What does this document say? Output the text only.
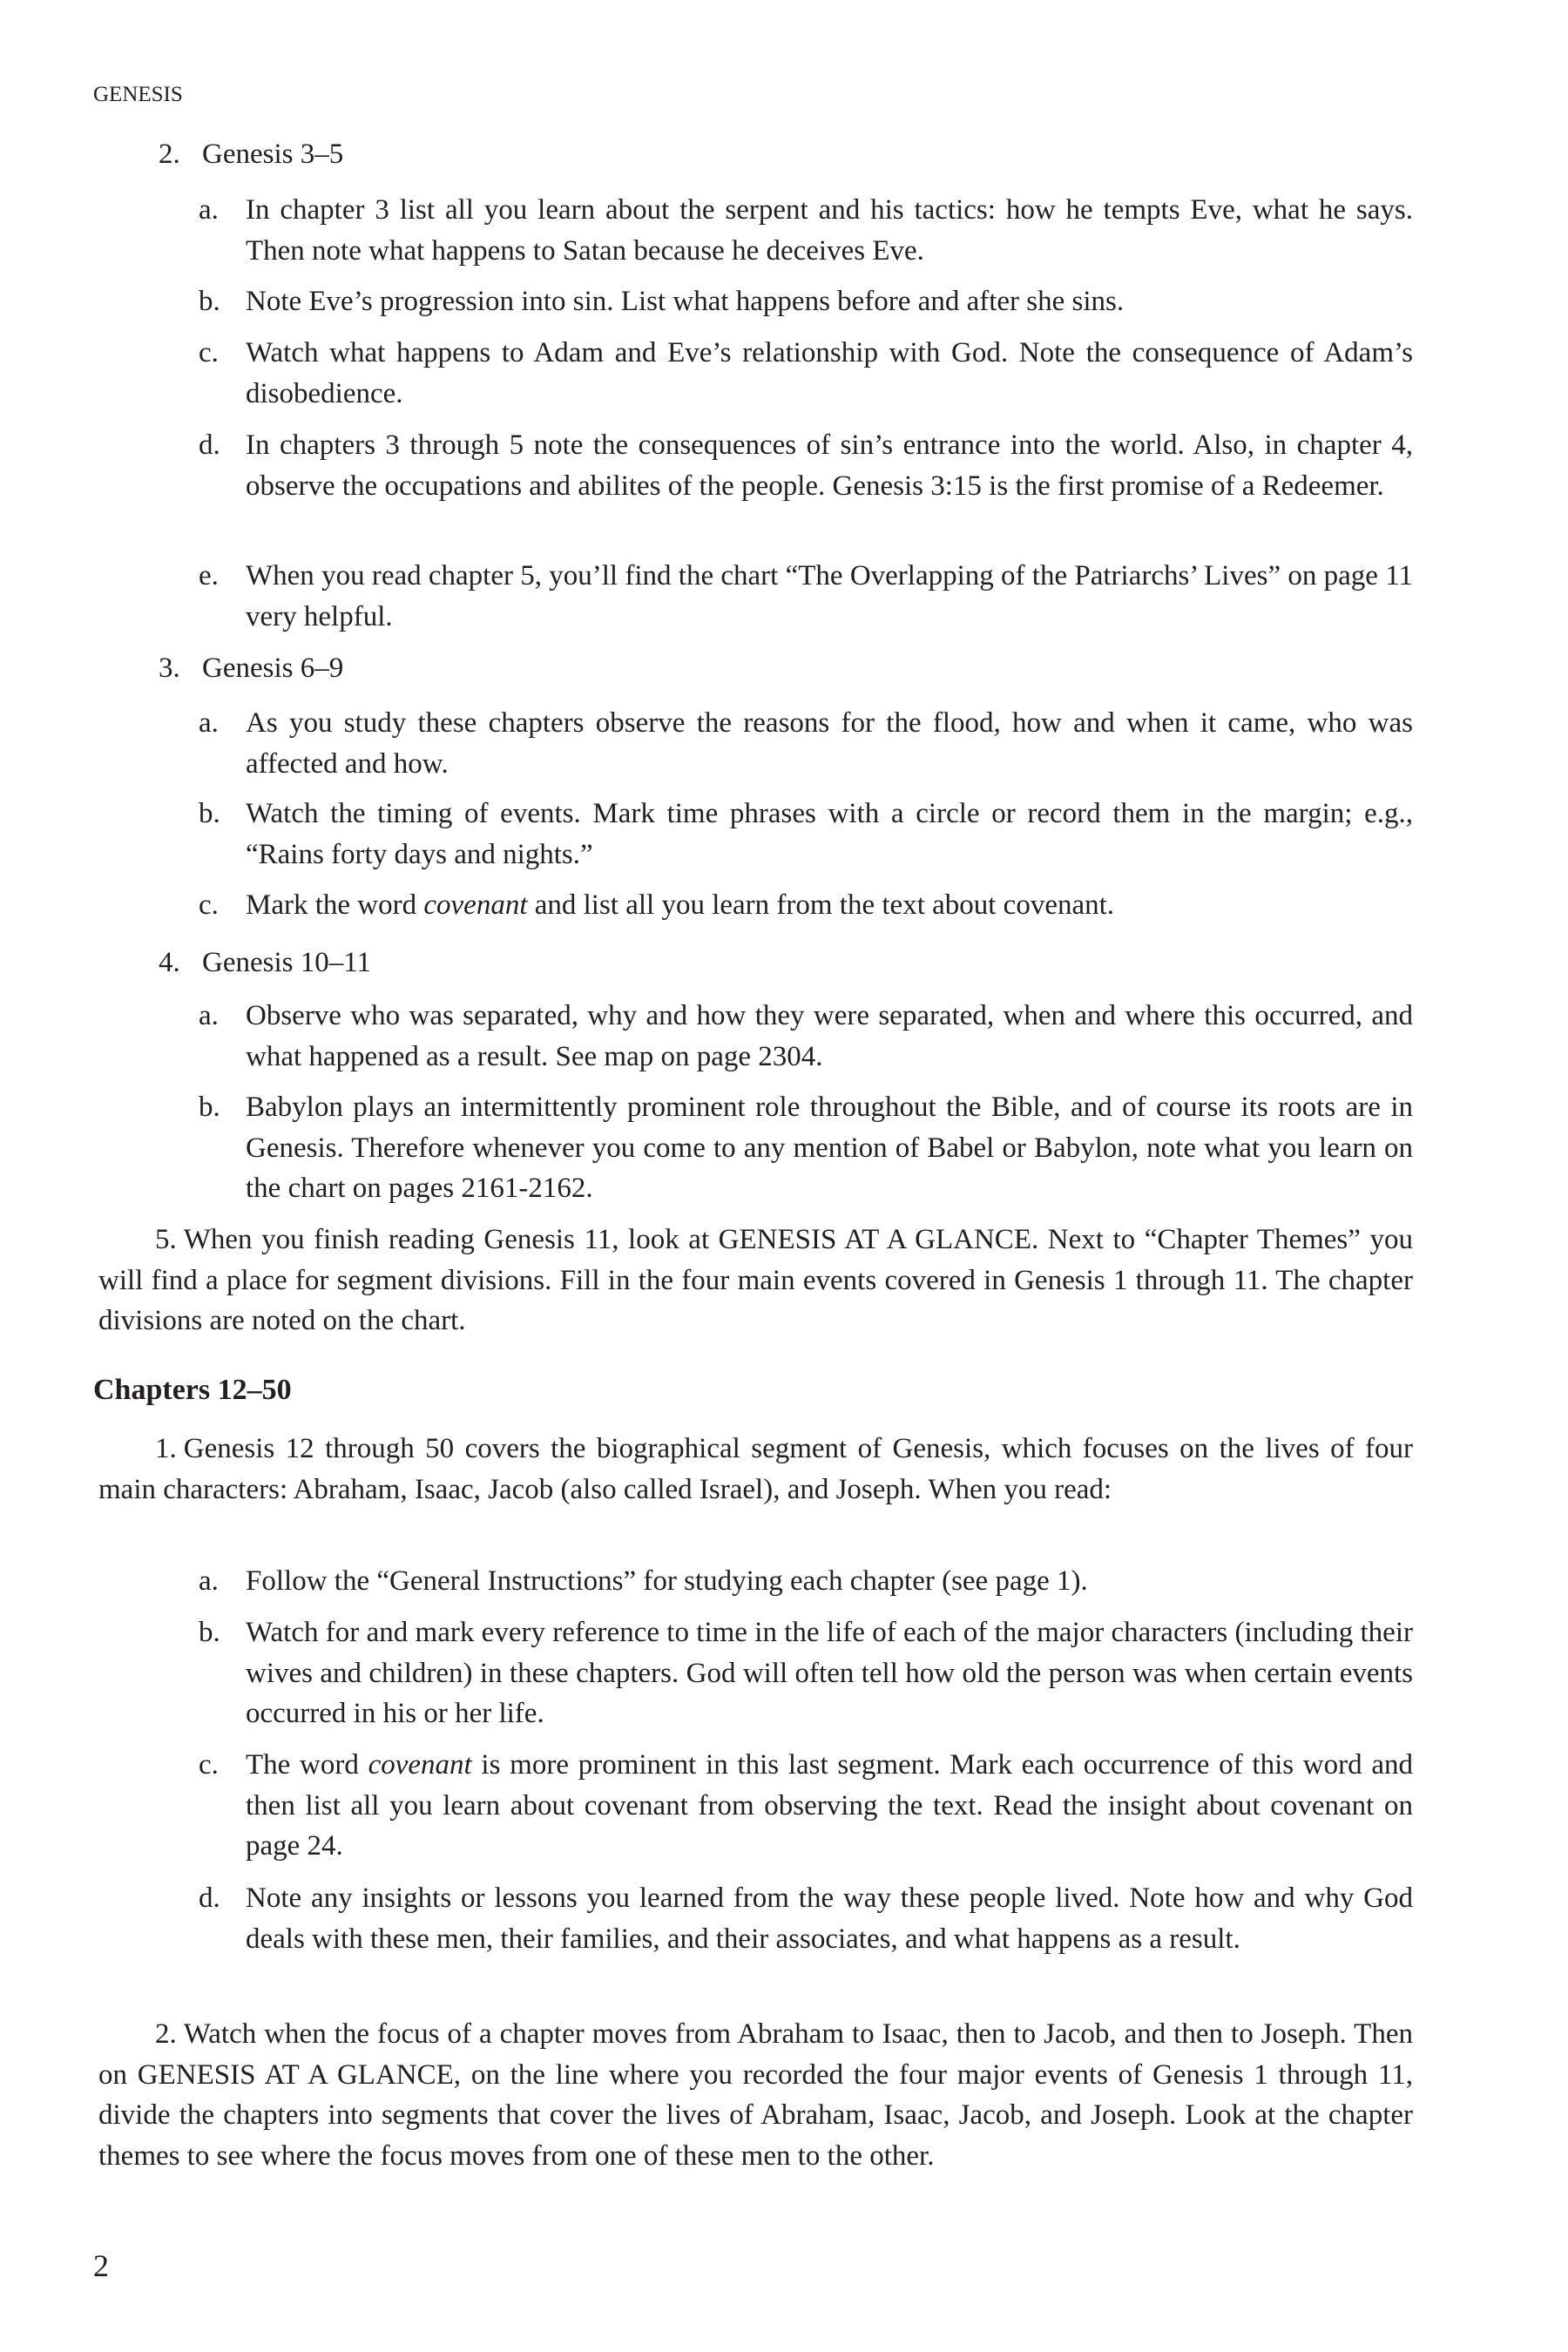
GENESIS
2. Genesis 3–5
a. In chapter 3 list all you learn about the serpent and his tactics: how he tempts Eve, what he says. Then note what happens to Satan because he deceives Eve.
b. Note Eve’s progression into sin. List what happens before and after she sins.
c. Watch what happens to Adam and Eve’s relationship with God. Note the consequence of Adam’s disobedience.
d. In chapters 3 through 5 note the consequences of sin’s entrance into the world. Also, in chapter 4, observe the occupations and abilites of the people. Genesis 3:15 is the first promise of a Redeemer.
e. When you read chapter 5, you’ll find the chart “The Overlapping of the Patriarchs’ Lives” on page 11 very helpful.
3. Genesis 6–9
a. As you study these chapters observe the reasons for the flood, how and when it came, who was affected and how.
b. Watch the timing of events. Mark time phrases with a circle or record them in the margin; e.g., “Rains forty days and nights.”
c. Mark the word covenant and list all you learn from the text about covenant.
4. Genesis 10–11
a. Observe who was separated, why and how they were separated, when and where this occurred, and what happened as a result. See map on page 2304.
b. Babylon plays an intermittently prominent role throughout the Bible, and of course its roots are in Genesis. Therefore whenever you come to any mention of Babel or Babylon, note what you learn on the chart on pages 2161-2162.
5. When you finish reading Genesis 11, look at GENESIS AT A GLANCE. Next to “Chapter Themes” you will find a place for segment divisions. Fill in the four main events covered in Genesis 1 through 11. The chapter divisions are noted on the chart.
Chapters 12–50
1. Genesis 12 through 50 covers the biographical segment of Genesis, which focuses on the lives of four main characters: Abraham, Isaac, Jacob (also called Israel), and Joseph. When you read:
a. Follow the “General Instructions” for studying each chapter (see page 1).
b. Watch for and mark every reference to time in the life of each of the major characters (including their wives and children) in these chapters. God will often tell how old the person was when certain events occurred in his or her life.
c. The word covenant is more prominent in this last segment. Mark each occurrence of this word and then list all you learn about covenant from observing the text. Read the insight about covenant on page 24.
d. Note any insights or lessons you learned from the way these people lived. Note how and why God deals with these men, their families, and their associates, and what happens as a result.
2. Watch when the focus of a chapter moves from Abraham to Isaac, then to Jacob, and then to Joseph. Then on GENESIS AT A GLANCE, on the line where you recorded the four major events of Genesis 1 through 11, divide the chapters into segments that cover the lives of Abraham, Isaac, Jacob, and Joseph. Look at the chapter themes to see where the focus moves from one of these men to the other.
2
